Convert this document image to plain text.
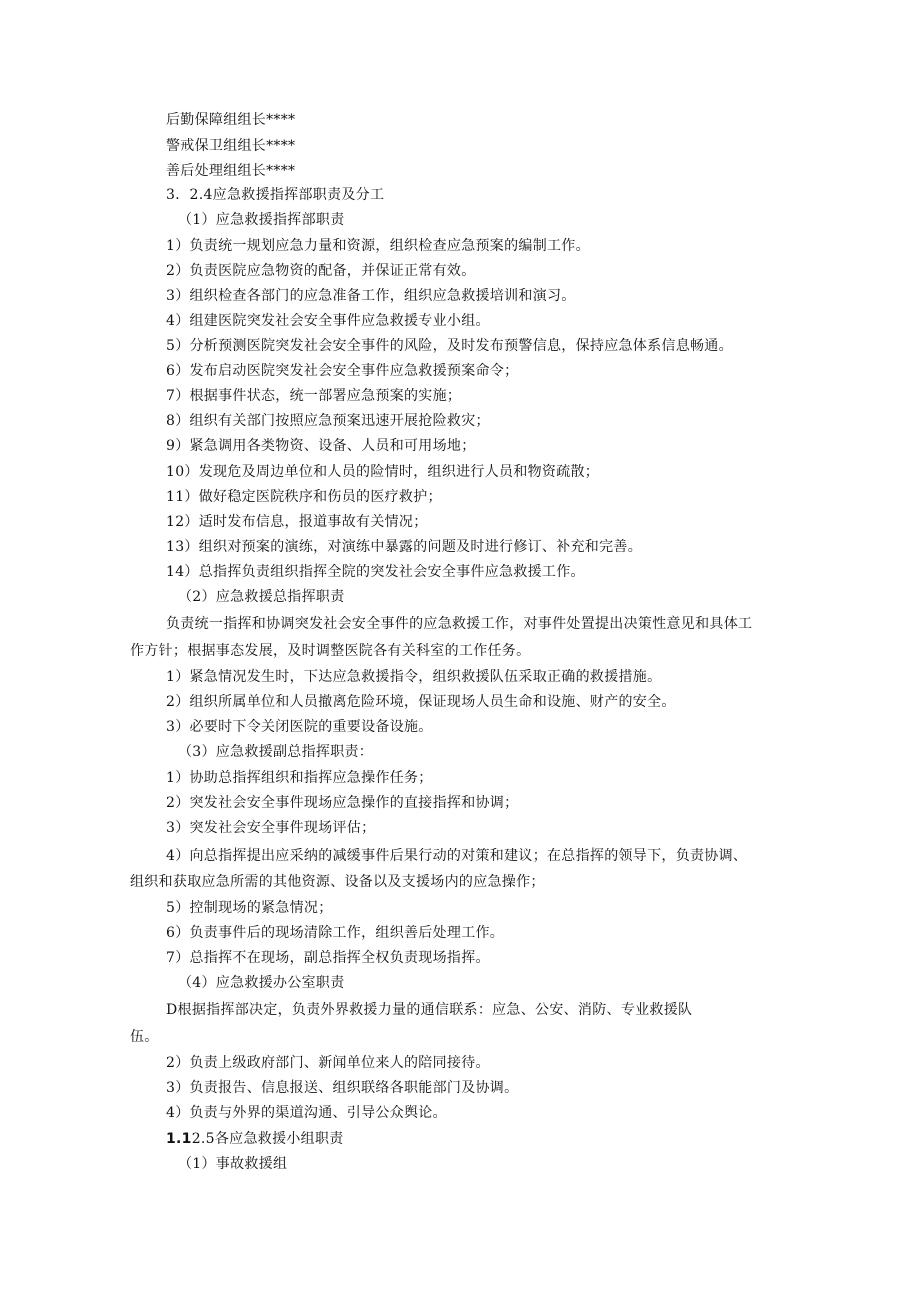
后勤保障组组长****
警戒保卫组组长****
善后处理组组长****
3．2.4应急救援指挥部职责及分工
（1）应急救援指挥部职责
1）负责统一规划应急力量和资源，组织检查应急预案的编制工作。
2）负责医院应急物资的配备，并保证正常有效。
3）组织检查各部门的应急准备工作，组织应急救援培训和演习。
4）组建医院突发社会安全事件应急救援专业小组。
5）分析预测医院突发社会安全事件的风险，及时发布预警信息，保持应急体系信息畅通。
6）发布启动医院突发社会安全事件应急救援预案命令；
7）根据事件状态，统一部署应急预案的实施；
8）组织有关部门按照应急预案迅速开展抢险救灾；
9）紧急调用各类物资、设备、人员和可用场地；
10）发现危及周边单位和人员的险情时，组织进行人员和物资疏散；
11）做好稳定医院秩序和伤员的医疗救护；
12）适时发布信息，报道事故有关情况；
13）组织对预案的演练，对演练中暴露的问题及时进行修订、补充和完善。
14）总指挥负责组织指挥全院的突发社会安全事件应急救援工作。
（2）应急救援总指挥职责
负责统一指挥和协调突发社会安全事件的应急救援工作，对事件处置提出决策性意见和具体工
作方针；根据事态发展，及时调整医院各有关科室的工作任务。
1）紧急情况发生时，下达应急救援指令，组织救援队伍采取正确的救援措施。
2）组织所属单位和人员撤离危险环境，保证现场人员生命和设施、财产的安全。
3）必要时下令关闭医院的重要设备设施。
（3）应急救援副总指挥职责：
1）协助总指挥组织和指挥应急操作任务；
2）突发社会安全事件现场应急操作的直接指挥和协调；
3）突发社会安全事件现场评估；
4）向总指挥提出应采纳的减缓事件后果行动的对策和建议；在总指挥的领导下，负责协调、
组织和获取应急所需的其他资源、设备以及支援场内的应急操作；
5）控制现场的紧急情况；
6）负责事件后的现场清除工作，组织善后处理工作。
7）总指挥不在现场，副总指挥全权负责现场指挥。
（4）应急救援办公室职责
D根据指挥部决定，负责外界救援力量的通信联系：应急、公安、消防、专业救援队
伍。
2）负责上级政府部门、新闻单位来人的陪同接待。
3）负责报告、信息报送、组织联络各职能部门及协调。
4）负责与外界的渠道沟通、引导公众舆论。
1.12.5各应急救援小组职责
（1）事故救援组
